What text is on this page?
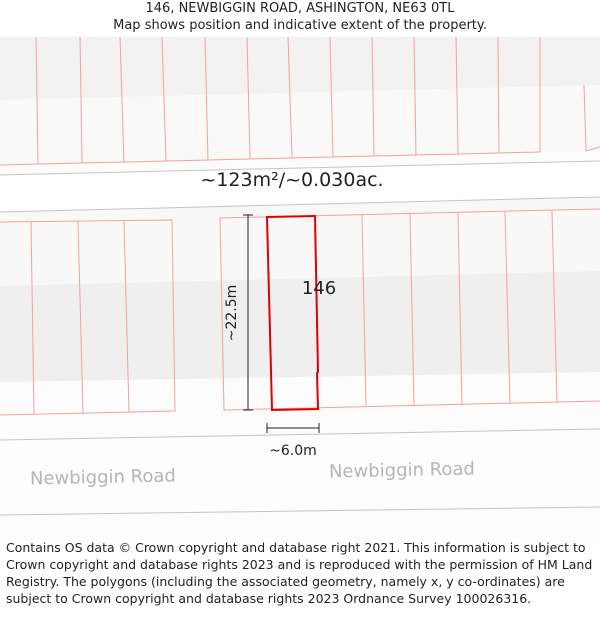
146, NEWBIGGIN ROAD, ASHINGTON, NE63 0TL
Map shows position and indicative extent of the property.
~22.5m
~6.0m
~123m²/~0.030ac.
146
Newbiggin Road	Newbiggin Road
Contains OS data © Crown copyright and database right 2021. This information is subject to Crown copyright and database rights 2023 and is reproduced with the permission of HM Land Registry. The polygons (including the associated geometry, namely x, y co-ordinates) are subject to Crown copyright and database rights 2023 Ordnance Survey 100026316.
